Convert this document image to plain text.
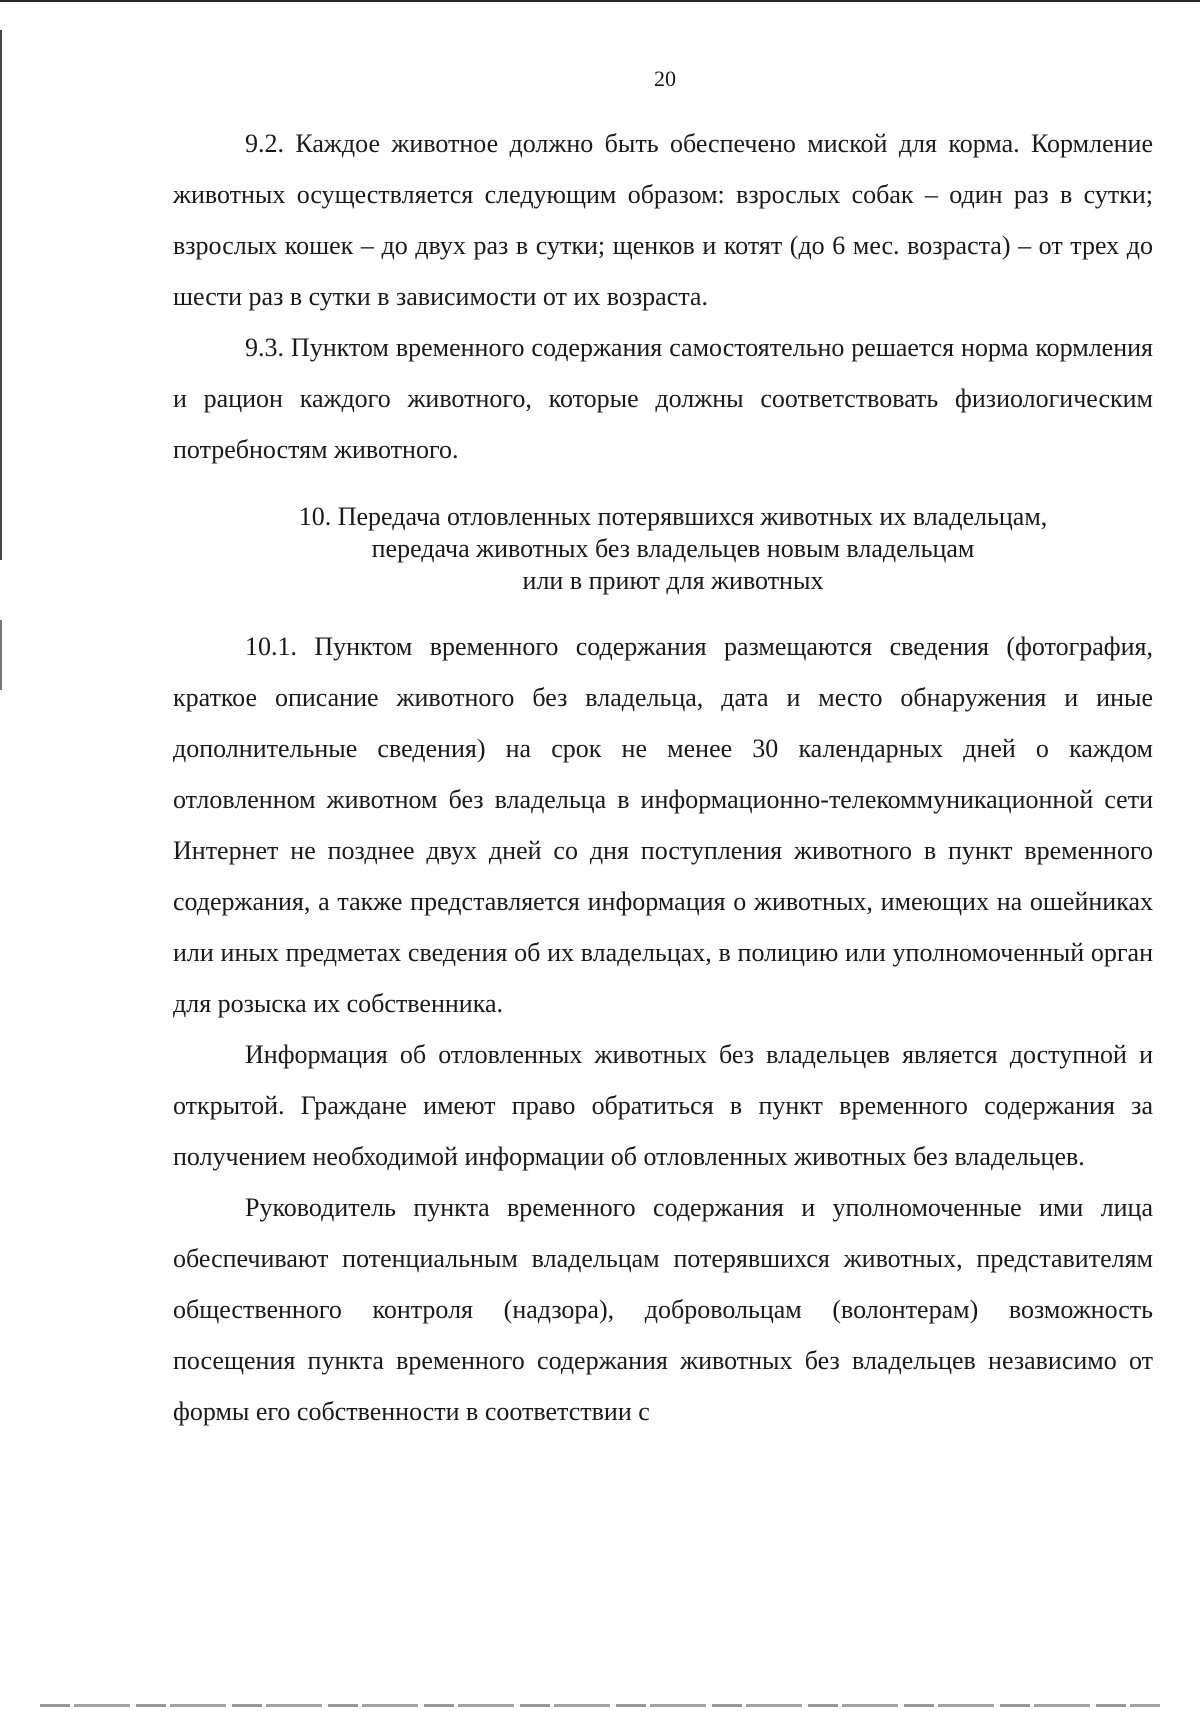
20

9.2. Каждое животное должно быть обеспечено миской для корма. Кормление животных осуществляется следующим образом: взрослых собак – один раз в сутки; взрослых кошек – до двух раз в сутки; щенков и котят (до 6 мес. возраста) – от трех до шести раз в сутки в зависимости от их возраста.

9.3. Пунктом временного содержания самостоятельно решается норма кормления и рацион каждого животного, которые должны соответствовать физиологическим потребностям животного.

10. Передача отловленных потерявшихся животных их владельцам,
передача животных без владельцев новым владельцам
или в приют для животных

10.1. Пунктом временного содержания размещаются сведения (фотография, краткое описание животного без владельца, дата и место обнаружения и иные дополнительные сведения) на срок не менее 30 календарных дней о каждом отловленном животном без владельца в информационно-телекоммуникационной сети Интернет не позднее двух дней со дня поступления животного в пункт временного содержания, а также представляется информация о животных, имеющих на ошейниках или иных предметах сведения об их владельцах, в полицию или уполномоченный орган для розыска их собственника.

Информация об отловленных животных без владельцев является доступной и открытой. Граждане имеют право обратиться в пункт временного содержания за получением необходимой информации об отловленных животных без владельцев.

Руководитель пункта временного содержания и уполномоченные ими лица обеспечивают потенциальным владельцам потерявшихся животных, представителям общественного контроля (надзора), добровольцам (волонтерам) возможность посещения пункта временного содержания животных без владельцев независимо от формы его собственности в соответствии с
